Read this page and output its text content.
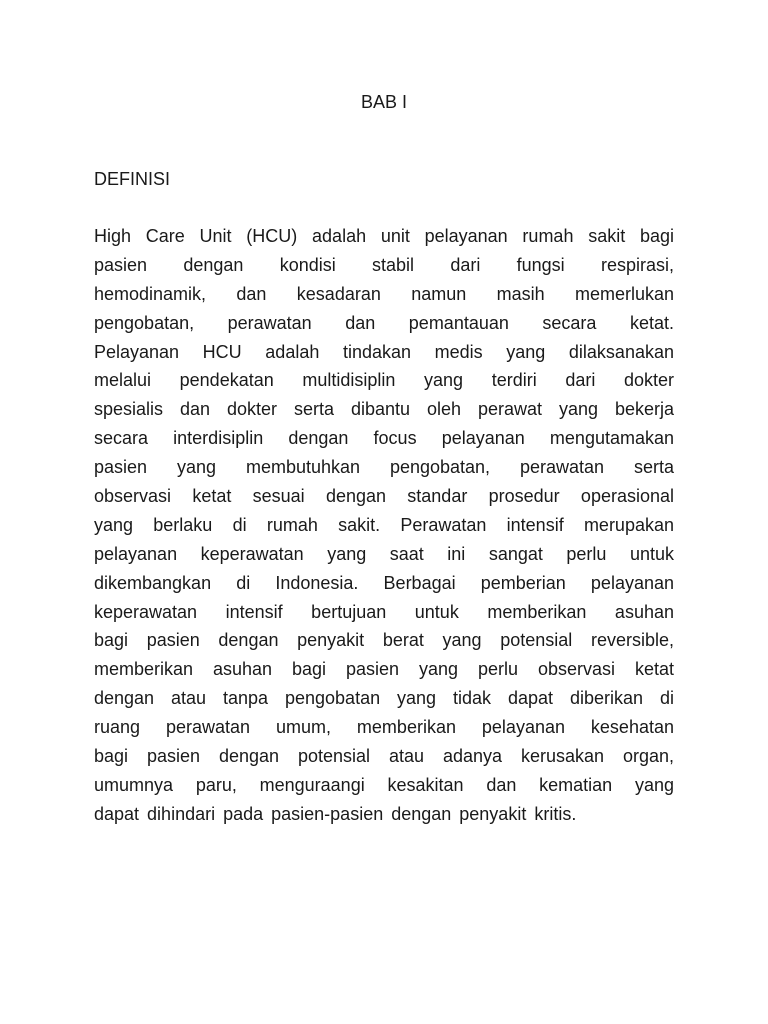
BAB I
DEFINISI
High Care Unit (HCU) adalah unit pelayanan rumah sakit bagi
pasien dengan kondisi stabil dari fungsi respirasi,
hemodinamik, dan kesadaran namun masih memerlukan
pengobatan, perawatan dan pemantauan secara ketat.
Pelayanan HCU adalah tindakan medis yang dilaksanakan
melalui pendekatan multidisiplin yang terdiri dari dokter
spesialis dan dokter serta dibantu oleh perawat yang bekerja
secara interdisiplin dengan focus pelayanan mengutamakan
pasien yang membutuhkan pengobatan, perawatan serta
observasi ketat sesuai dengan standar prosedur operasional
yang berlaku di rumah sakit. Perawatan intensif merupakan
pelayanan keperawatan yang saat ini sangat perlu untuk
dikembangkan di Indonesia. Berbagai pemberian pelayanan
keperawatan intensif bertujuan untuk memberikan asuhan
bagi pasien dengan penyakit berat yang potensial reversible,
memberikan asuhan bagi pasien yang perlu observasi ketat
dengan atau tanpa pengobatan yang tidak dapat diberikan di
ruang perawatan umum, memberikan pelayanan kesehatan
bagi pasien dengan potensial atau adanya kerusakan organ,
umumnya paru, menguraangi kesakitan dan kematian yang
dapat dihindari pada pasien-pasien dengan penyakit kritis.
